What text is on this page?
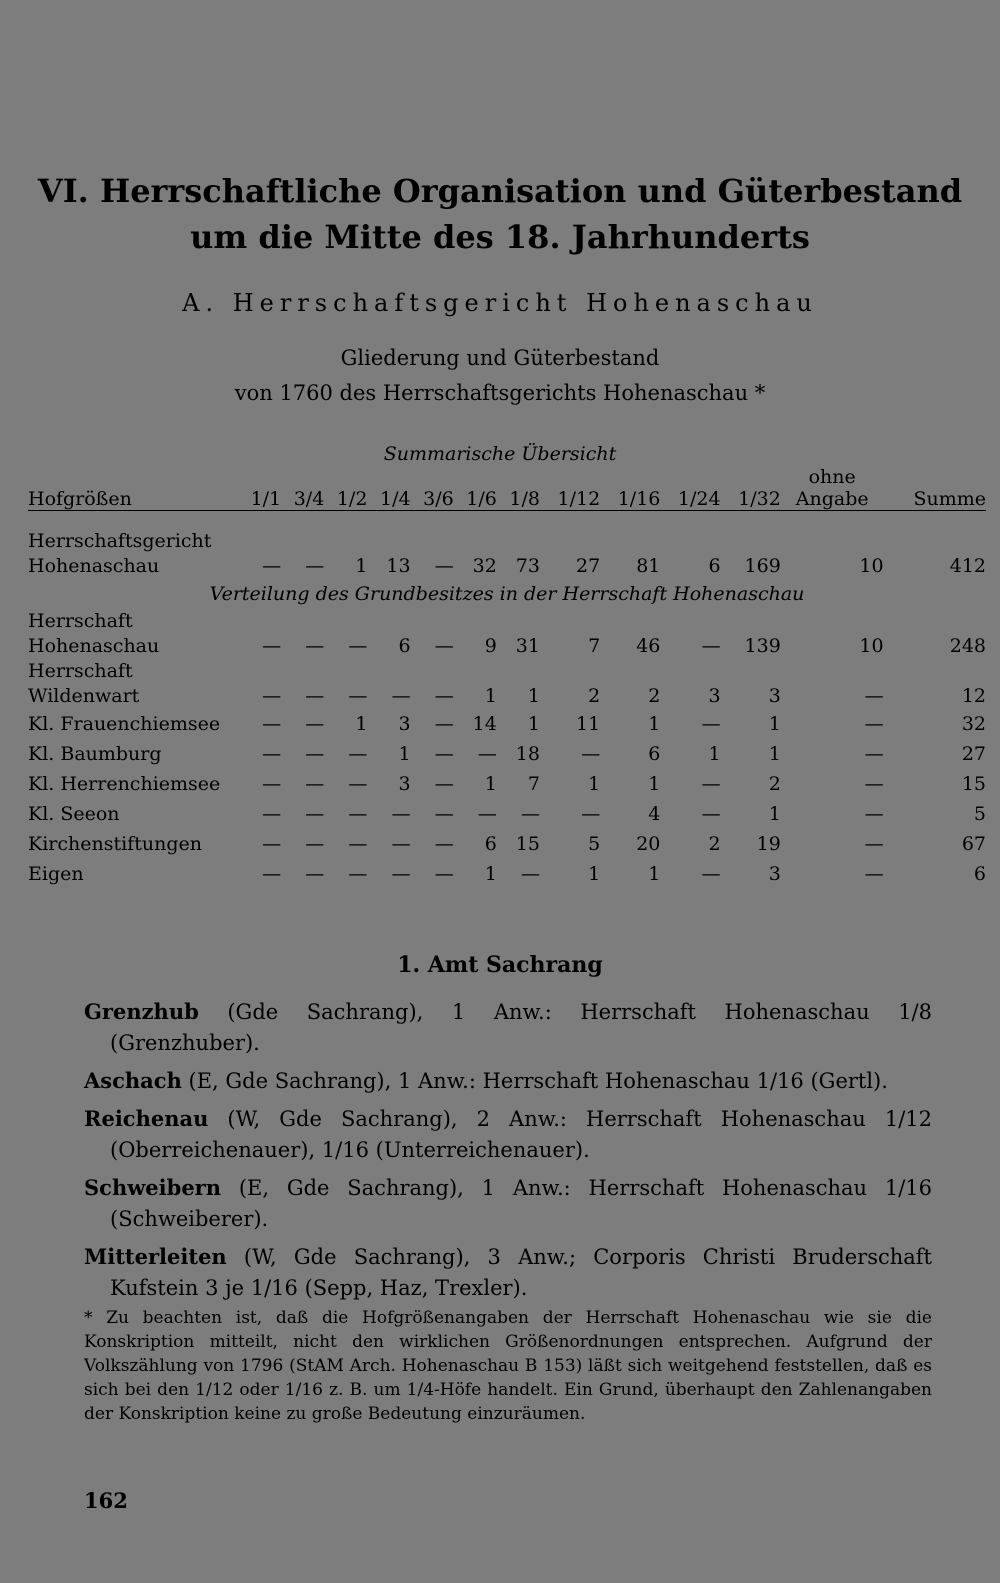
VI. Herrschaftliche Organisation und Güterbestand
um die Mitte des 18. Jahrhunderts
A. Herrschaftsgericht Hohenaschau
Gliederung und Güterbestand
von 1760 des Herrschaftsgerichts Hohenaschau *
Summarische Übersicht
Hofgrößen	1/1	3/4	1/2	1/4	3/6	1/6	1/8	1/12	1/16	1/24	1/32	ohne
Angabe	Summe

Herrschaftsgericht
Hohenaschau	—	—	1	13	—	32	73	27	81	6	169	10	412
Verteilung des Grundbesitzes in der Herrschaft Hohenaschau													

Herrschaft
Hohenaschau	—	—	—	6	—	9	31	7	46	—	139	10	248

Herrschaft
Wildenwart	—	—	—	—	—	1	1	2	2	3	3	—	12
Kl. Frauenchiemsee	—	—	1	3	—	14	1	11	1	—	1	—	32
Kl. Baumburg	—	—	—	1	—	—	18	—	6	1	1	—	27
Kl. Herrenchiemsee	—	—	—	3	—	1	7	1	1	—	2	—	15
Kl. Seeon	—	—	—	—	—	—	—	—	4	—	1	—	5
Kirchenstiftungen	—	—	—	—	—	6	15	5	20	2	19	—	67
Eigen	—	—	—	—	—	1	—	1	1	—	3	—	6
1. Amt Sachrang
Grenzhub (Gde Sachrang), 1 Anw.: Herrschaft Hohenaschau 1/8 (Grenzhuber).
Aschach (E, Gde Sachrang), 1 Anw.: Herrschaft Hohenaschau 1/16 (Gertl).
Reichenau (W, Gde Sachrang), 2 Anw.: Herrschaft Hohenaschau 1/12 (Oberreichenauer), 1/16 (Unterreichenauer).
Schweibern (E, Gde Sachrang), 1 Anw.: Herrschaft Hohenaschau 1/16 (Schweiberer).
Mitterleiten (W, Gde Sachrang), 3 Anw.; Corporis Christi Bruderschaft Kufstein 3 je 1/16 (Sepp, Haz, Trexler).
* Zu beachten ist, daß die Hofgrößenangaben der Herrschaft Hohenaschau wie sie die Konskription mitteilt, nicht den wirklichen Größenordnungen entsprechen. Aufgrund der Volkszählung von 1796 (StAM Arch. Hohenaschau B 153) läßt sich weitgehend feststellen, daß es sich bei den 1/12 oder 1/16 z. B. um 1/4-Höfe handelt. Ein Grund, überhaupt den Zahlenangaben der Konskription keine zu große Bedeutung einzuräumen.
162
